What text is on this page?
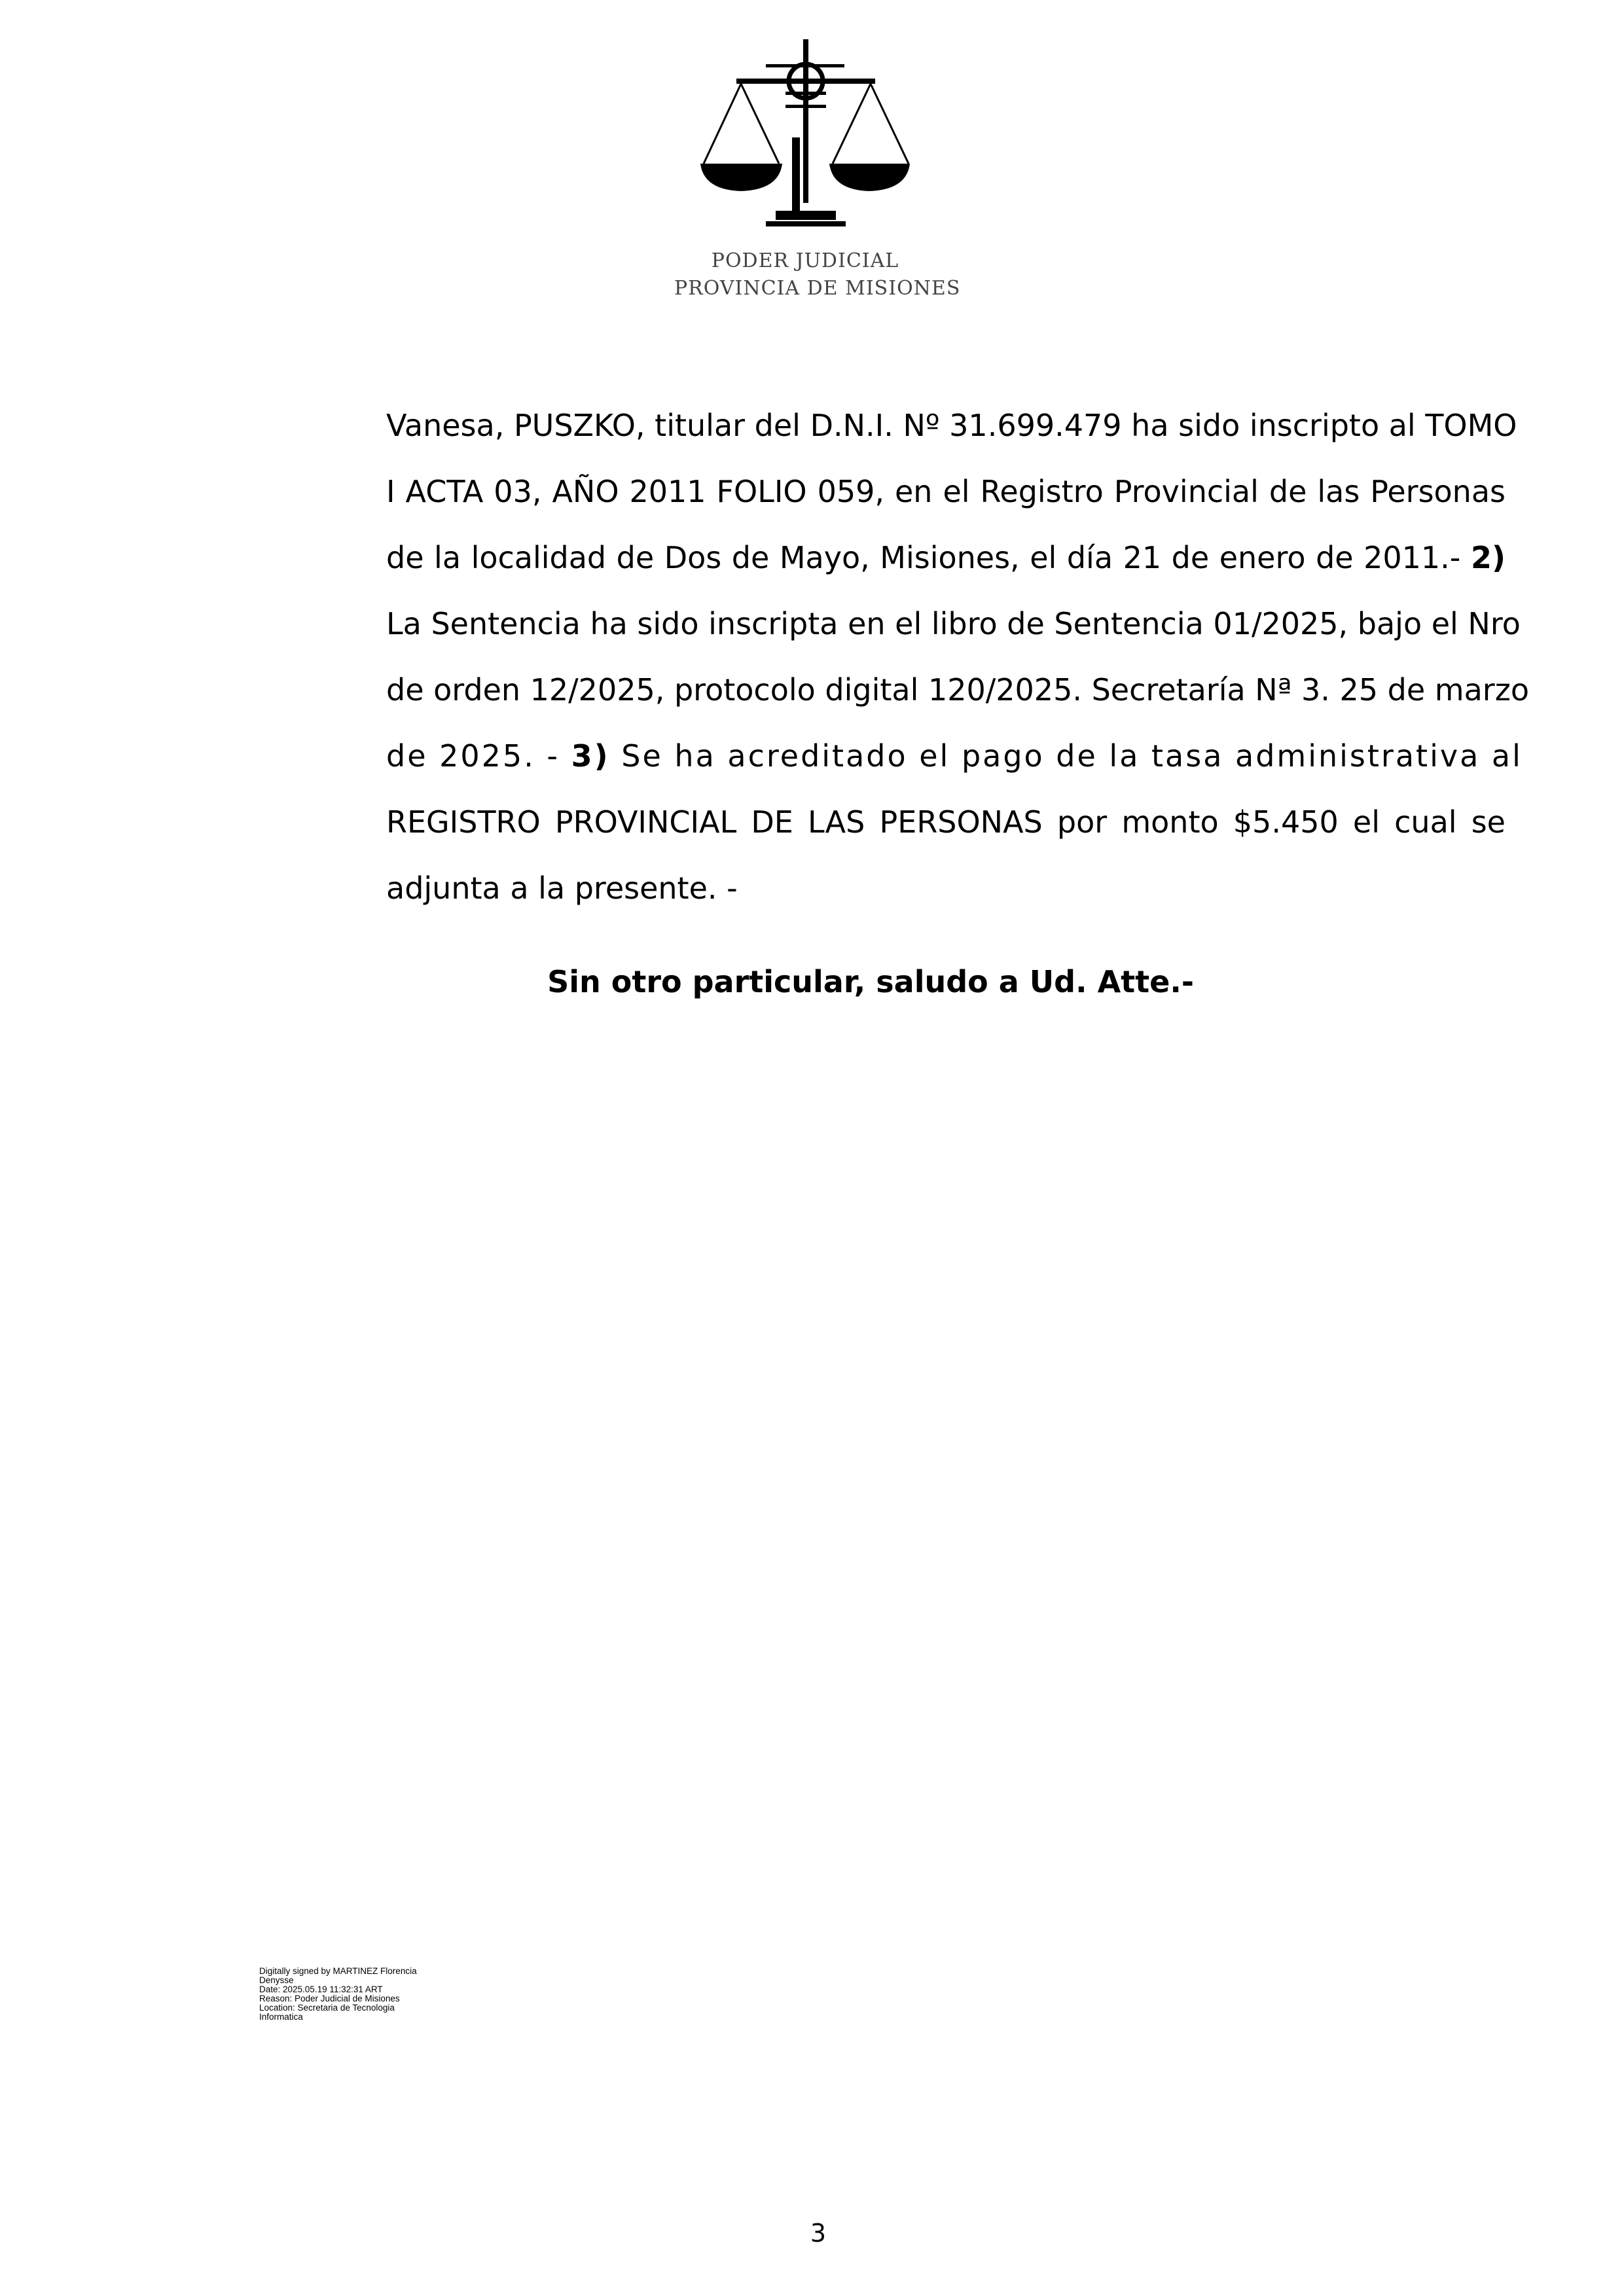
PODER JUDICIAL
PROVINCIA DE MISIONES
Vanesa, PUSZKO, titular del D.N.I. Nº 31.699.479 ha sido inscripto al TOMO
I ACTA 03, AÑO 2011 FOLIO 059, en el Registro Provincial de las Personas
de la localidad de Dos de Mayo, Misiones, el día 21 de enero de 2011.- 2)
La Sentencia ha sido inscripta en el libro de Sentencia 01/2025, bajo el Nro
de orden 12/2025, protocolo digital 120/2025. Secretaría Nª 3. 25 de marzo
de 2025. - 3) Se ha acreditado el pago de la tasa administrativa al
REGISTRO PROVINCIAL DE LAS PERSONAS por monto $5.450 el cual se
adjunta a la presente. -
Sin otro particular, saludo a Ud. Atte.-
Digitally signed by MARTINEZ Florencia
Denysse
Date: 2025.05.19 11:32:31 ART
Reason: Poder Judicial de Misiones
Location: Secretaria de Tecnologia
Informatica
3
